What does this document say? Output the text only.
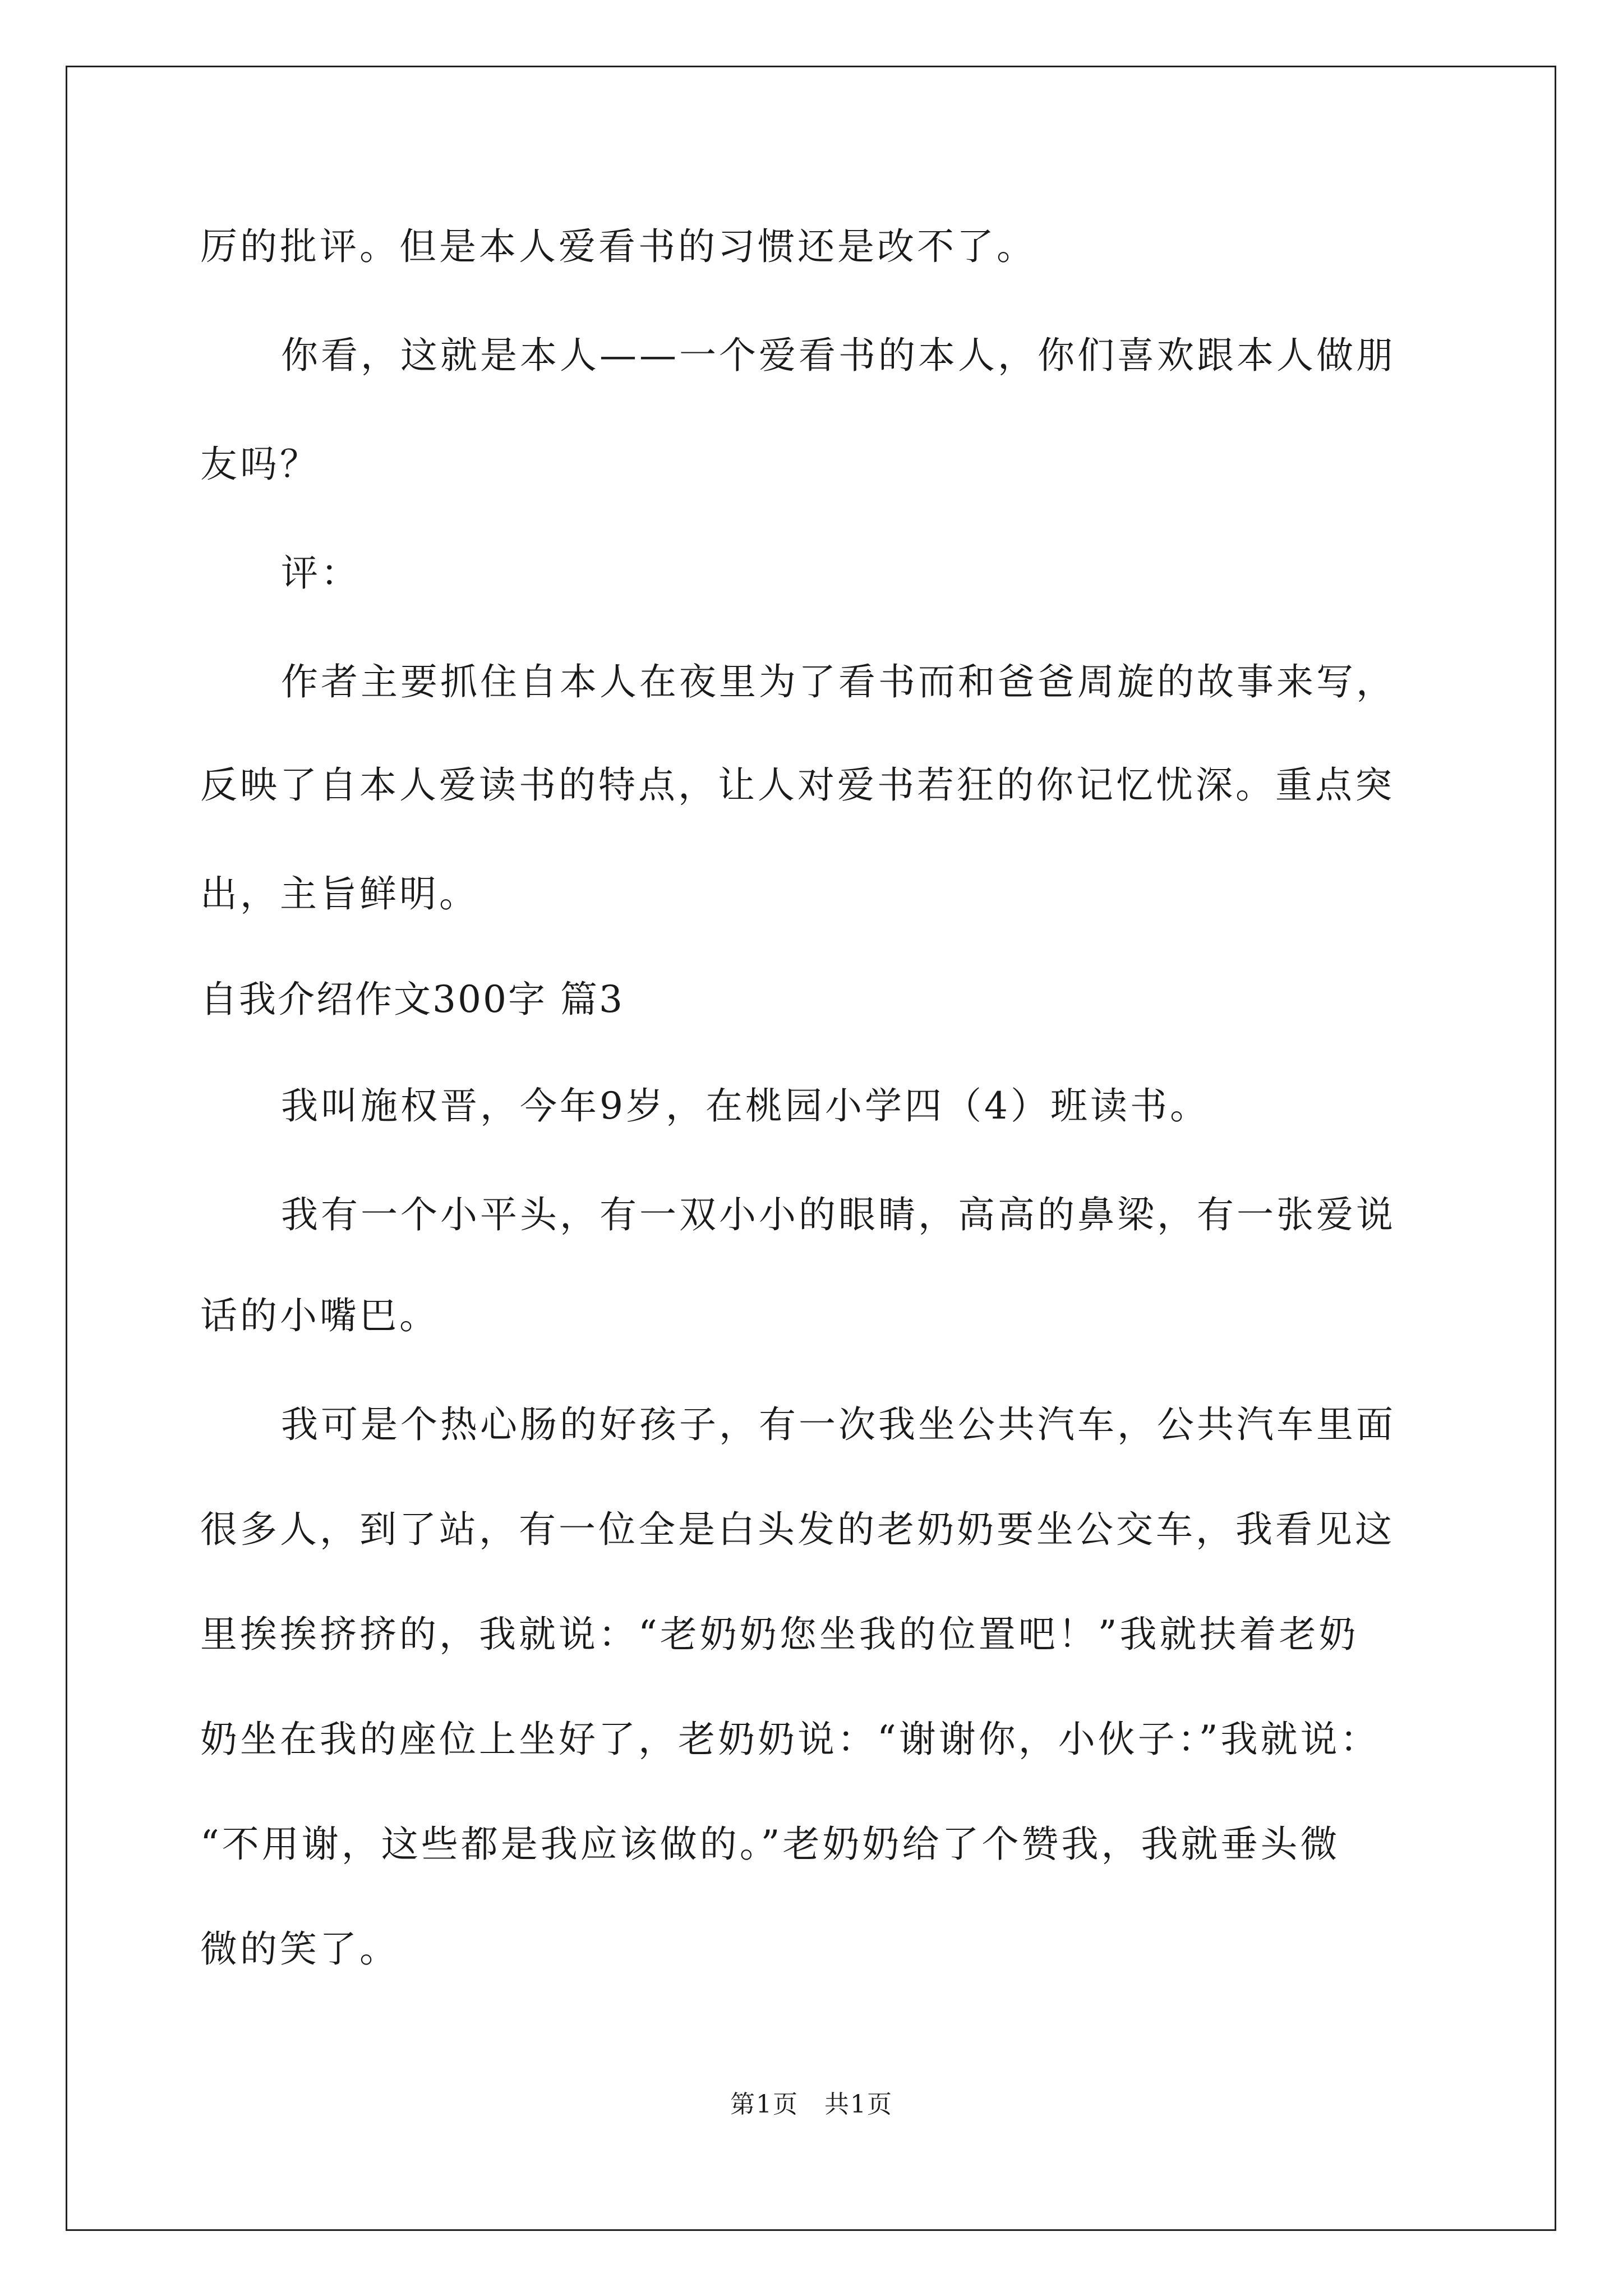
厉的批评。但是本人爱看书的习惯还是改不了。
你看，这就是本人——一个爱看书的本人，你们喜欢跟本人做朋
友吗？
评：
作者主要抓住自本人在夜里为了看书而和爸爸周旋的故事来写，
反映了自本人爱读书的特点，让人对爱书若狂的你记忆忧深。重点突
出，主旨鲜明。
自我介绍作文300字 篇3
我叫施权晋，今年9岁，在桃园小学四（4）班读书。
我有一个小平头，有一双小小的眼睛，高高的鼻梁，有一张爱说
话的小嘴巴。
我可是个热心肠的好孩子，有一次我坐公共汽车，公共汽车里面
很多人，到了站，有一位全是白头发的老奶奶要坐公交车，我看见这
里挨挨挤挤的，我就说：“老奶奶您坐我的位置吧！”我就扶着老奶
奶坐在我的座位上坐好了，老奶奶说：“谢谢你，小伙子：”我就说：
“不用谢，这些都是我应该做的。”老奶奶给了个赞我，我就垂头微
微的笑了。
第1页　共1页
